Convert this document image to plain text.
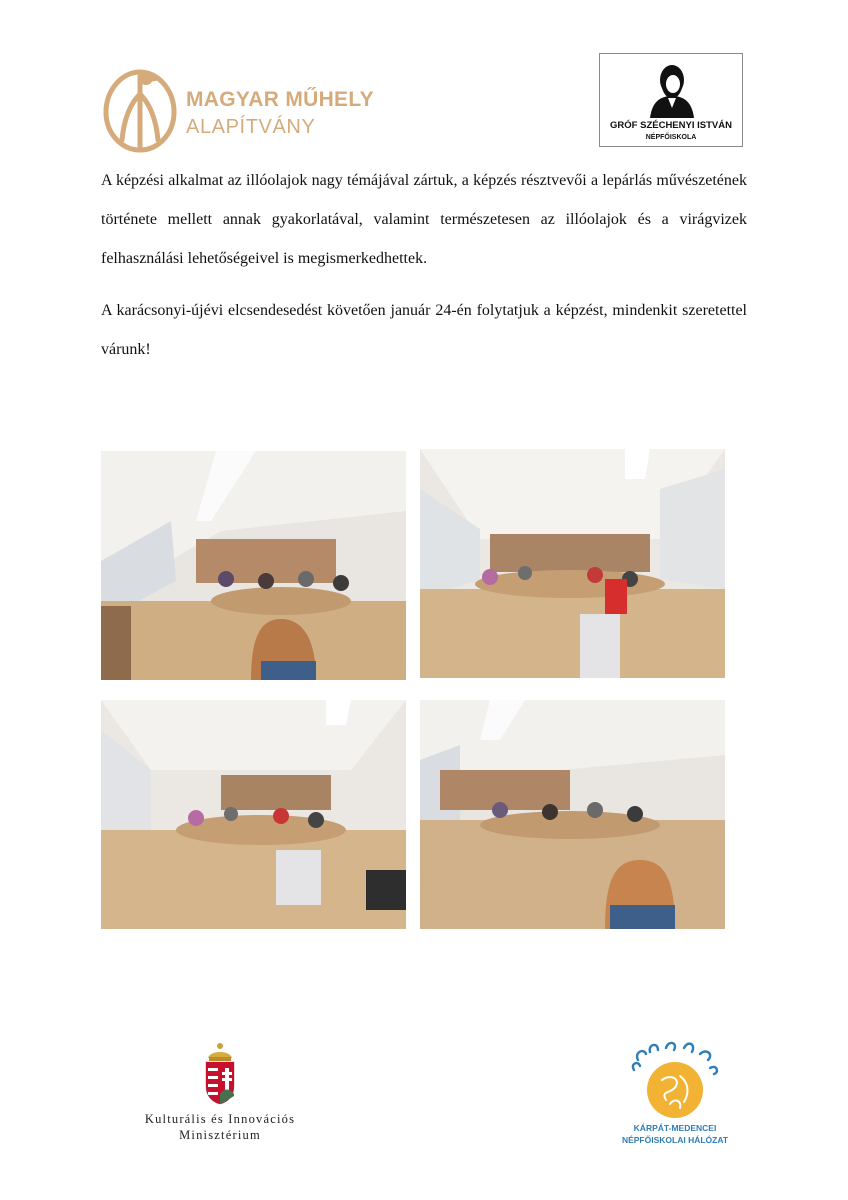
MAGYAR MŰHELY
ALAPÍTVÁNY	GRÓF SZÉCHENYI ISTVÁN
NÉPFŐISKOLA
A képzési alkalmat az illóolajok nagy témájával zártuk, a képzés résztvevői a lepárlás művészetének története mellett annak gyakorlatával, valamint természetesen az illóolajok és a virágvizek felhasználási lehetőségeivel is megismerkedhettek.
A karácsonyi-újévi elcsendesedést követően január 24-én folytatjuk a képzést, mindenkit szeretettel várunk!
Kulturális és Innovációs
Minisztérium	KÁRPÁT-MEDENCEI
NÉPFŐISKOLAI HÁLÓZAT
